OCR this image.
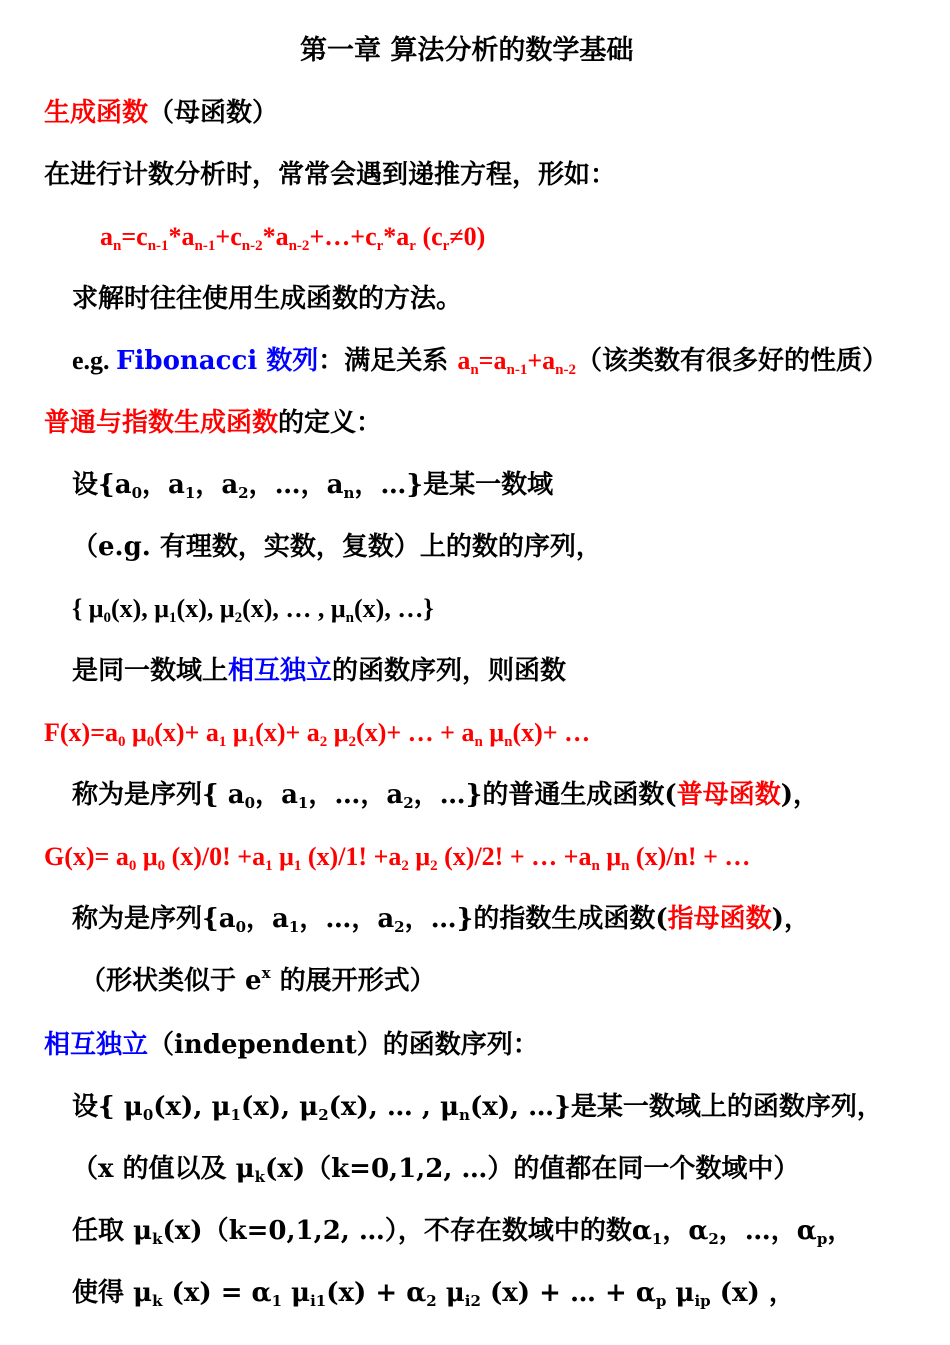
第一章 算法分析的数学基础
生成函数（母函数）
在进行计数分析时，常常会遇到递推方程，形如：
$a_n=c_{n-1}*a_{n-1}+c_{n-2}*a_{n-2}+\dots+c_r*a_r$ $(c_r\ne 0)$
求解时往往使用生成函数的方法。
e.g. Fibonacci 数列：满足关系 $a_n=a_{n-1}+a_{n-2}$（该类数有很多好的性质）
普通与指数生成函数的定义：
设{$a_0$，$a_1$，$a_2$，…，$a_n$，…}是某一数域
（e.g. 有理数，实数，复数）上的数的序列，
{ $\mu_0(x)$, $\mu_1(x)$, $\mu_2(x)$, … , $\mu_n(x)$, …}
是同一数域上相互独立的函数序列，则函数
$F(x)=a_0$ $\mu_0(x)+ a_1$ $\mu_1(x)+ a_2$ $\mu_2(x)+$ … + $a_n$ $\mu_n(x)+$ …
称为是序列{ $a_0$，$a_1$，…，$a_2$，…}的普通生成函数(普母函数)，
$G(x)= a_0$ $\mu_0$ (x)/0! $+a_1$ $\mu_1$ (x)/1! $+a_2$ $\mu_2$ (x)/2! + … $+a_n$ $\mu_n$ (x)/n! + …
称为是序列{$a_0$，$a_1$，…，$a_2$，…}的指数生成函数(指母函数)，
（形状类似于 $e^x$ 的展开形式）
相互独立（independent）的函数序列：
设{ $\mu_0(x)$, $\mu_1(x)$, $\mu_2(x)$, … , $\mu_n(x)$, …}是某一数域上的函数序列，
（x 的值以及 $\mu_k(x)(k=0,1,2$, …）的值都在同一个数域中）
任取 $\mu_k(x)(k=0,1,2$, …），不存在数域中的数$\alpha_1$，$\alpha_2$，…，$\alpha_p$，
使得 $\mu_k$ $(x) = \alpha_1$ $\mu_{i1}(x) + \alpha_2$ $\mu_{i2}$ (x) + … + $\alpha_p$ $\mu_{ip}$ (x) ，
